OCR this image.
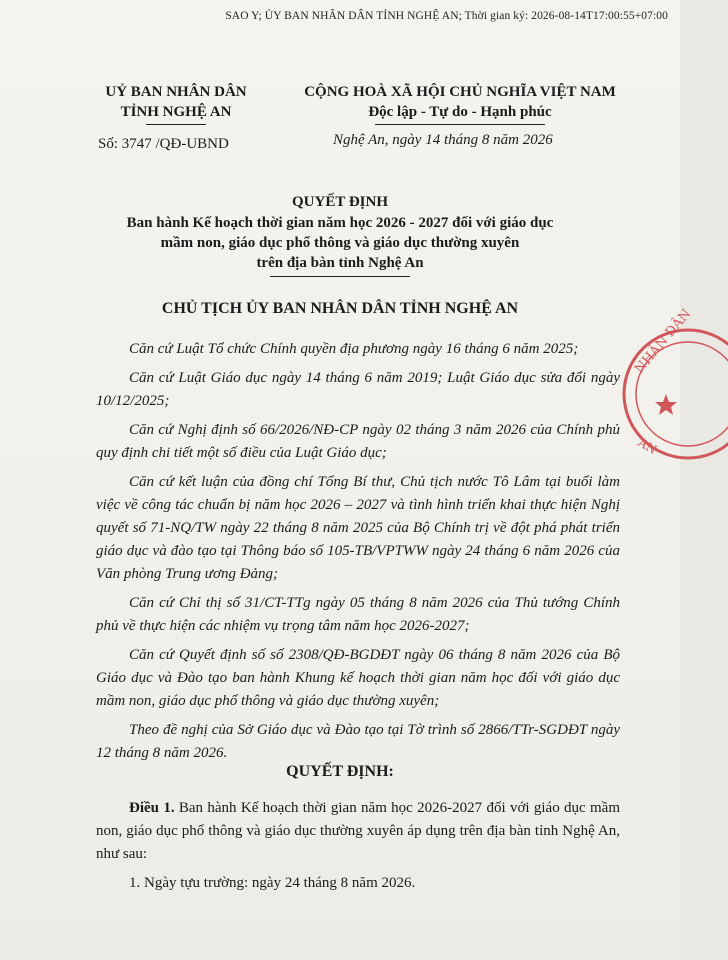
SAO Y; ỦY BAN NHÂN DÂN TỈNH NGHỆ AN; Thời gian ký: 2026-08-14T17:00:55+07:00
UỶ BAN NHÂN DÂN
TỈNH NGHỆ AN
CỘNG HOÀ XÃ HỘI CHỦ NGHĨA VIỆT NAM
Độc lập - Tự do - Hạnh phúc
Số: 3747 /QĐ-UBND	Nghệ An, ngày 14 tháng 8 năm 2026
QUYẾT ĐỊNH
Ban hành Kế hoạch thời gian năm học 2026 - 2027 đối với giáo dục
mầm non, giáo dục phổ thông và giáo dục thường xuyên
trên địa bàn tỉnh Nghệ An
CHỦ TỊCH ỦY BAN NHÂN DÂN TỈNH NGHỆ AN

Căn cứ Luật Tổ chức Chính quyền địa phương ngày 16 tháng 6 năm 2025;

Căn cứ Luật Giáo dục ngày 14 tháng 6 năm 2019; Luật Giáo dục sửa đổi ngày 10/12/2025;

Căn cứ Nghị định số 66/2026/NĐ-CP ngày 02 tháng 3 năm 2026 của Chính phủ quy định chi tiết một số điều của Luật Giáo dục;

Căn cứ kết luận của đồng chí Tổng Bí thư, Chủ tịch nước Tô Lâm tại buổi làm việc về công tác chuẩn bị năm học 2026 – 2027 và tình hình triển khai thực hiện Nghị quyết số 71-NQ/TW ngày 22 tháng 8 năm 2025 của Bộ Chính trị về đột phá phát triển giáo dục và đào tạo tại Thông báo số 105-TB/VPTWW ngày 24 tháng 6 năm 2026 của Văn phòng Trung ương Đảng;

Căn cứ Chỉ thị số 31/CT-TTg ngày 05 tháng 8 năm 2026 của Thủ tướng Chính phủ về thực hiện các nhiệm vụ trọng tâm năm học 2026-2027;

Căn cứ Quyết định số số 2308/QĐ-BGDĐT ngày 06 tháng 8 năm 2026 của Bộ Giáo dục và Đào tạo ban hành Khung kế hoạch thời gian năm học đối với giáo dục mầm non, giáo dục phổ thông và giáo dục thường xuyên;

Theo đề nghị của Sở Giáo dục và Đào tạo tại Tờ trình số 2866/TTr-SGDĐT ngày 12 tháng 8 năm 2026.

QUYẾT ĐỊNH:

Điều 1. Ban hành Kế hoạch thời gian năm học 2026-2027 đối với giáo dục mầm non, giáo dục phổ thông và giáo dục thường xuyên áp dụng trên địa bàn tỉnh Nghệ An, như sau:

1. Ngày tựu trường: ngày 24 tháng 8 năm 2026.

NHÂN DÂN
AN
